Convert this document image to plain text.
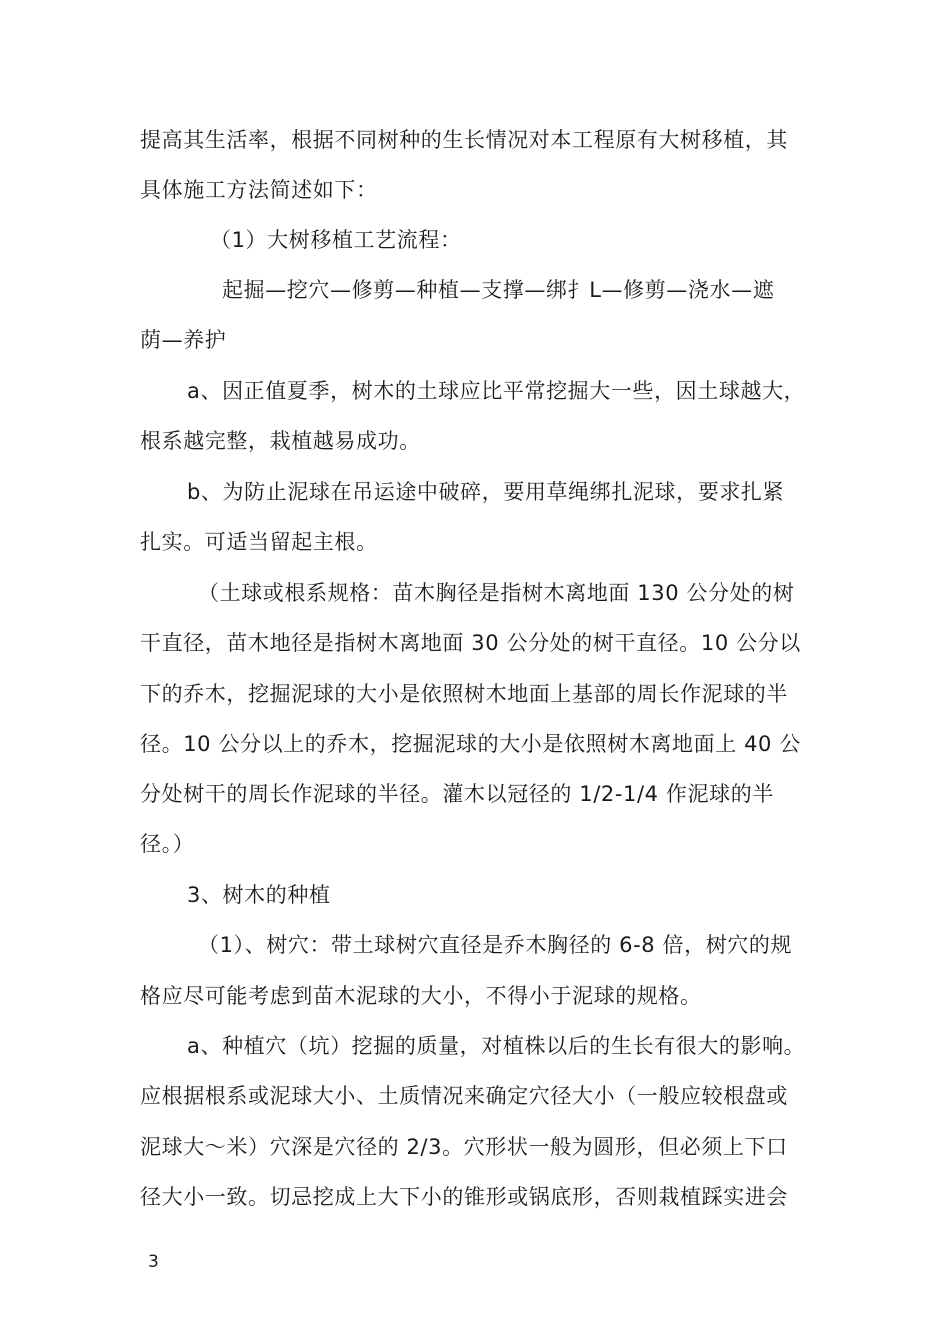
提高其生活率，根据不同树种的生长情况对本工程原有大树移植，其
具体施工方法简述如下：
（1）大树移植工艺流程：
起掘—挖穴—修剪—种植—支撑—绑扌L—修剪—浇水—遮
荫—养护
a、因正值夏季，树木的土球应比平常挖掘大一些，因土球越大，
根系越完整，栽植越易成功。
b、为防止泥球在吊运途中破碎，要用草绳绑扎泥球，要求扎紧
扎实。可适当留起主根。
（土球或根系规格：苗木胸径是指树木离地面 130 公分处的树
干直径，苗木地径是指树木离地面 30 公分处的树干直径。10 公分以
下的乔木，挖掘泥球的大小是依照树木地面上基部的周长作泥球的半
径。10 公分以上的乔木，挖掘泥球的大小是依照树木离地面上 40 公
分处树干的周长作泥球的半径。灌木以冠径的 1/2-1/4 作泥球的半
径。）
3、树木的种植
（1）、树穴：带土球树穴直径是乔木胸径的 6-8 倍，树穴的规
格应尽可能考虑到苗木泥球的大小，不得小于泥球的规格。
a、种植穴（坑）挖掘的质量，对植株以后的生长有很大的影响。
应根据根系或泥球大小、土质情况来确定穴径大小（一般应较根盘或
泥球大〜米）穴深是穴径的 2/3。穴形状一般为圆形，但必须上下口
径大小一致。切忌挖成上大下小的锥形或锅底形，否则栽植踩实进会
3
